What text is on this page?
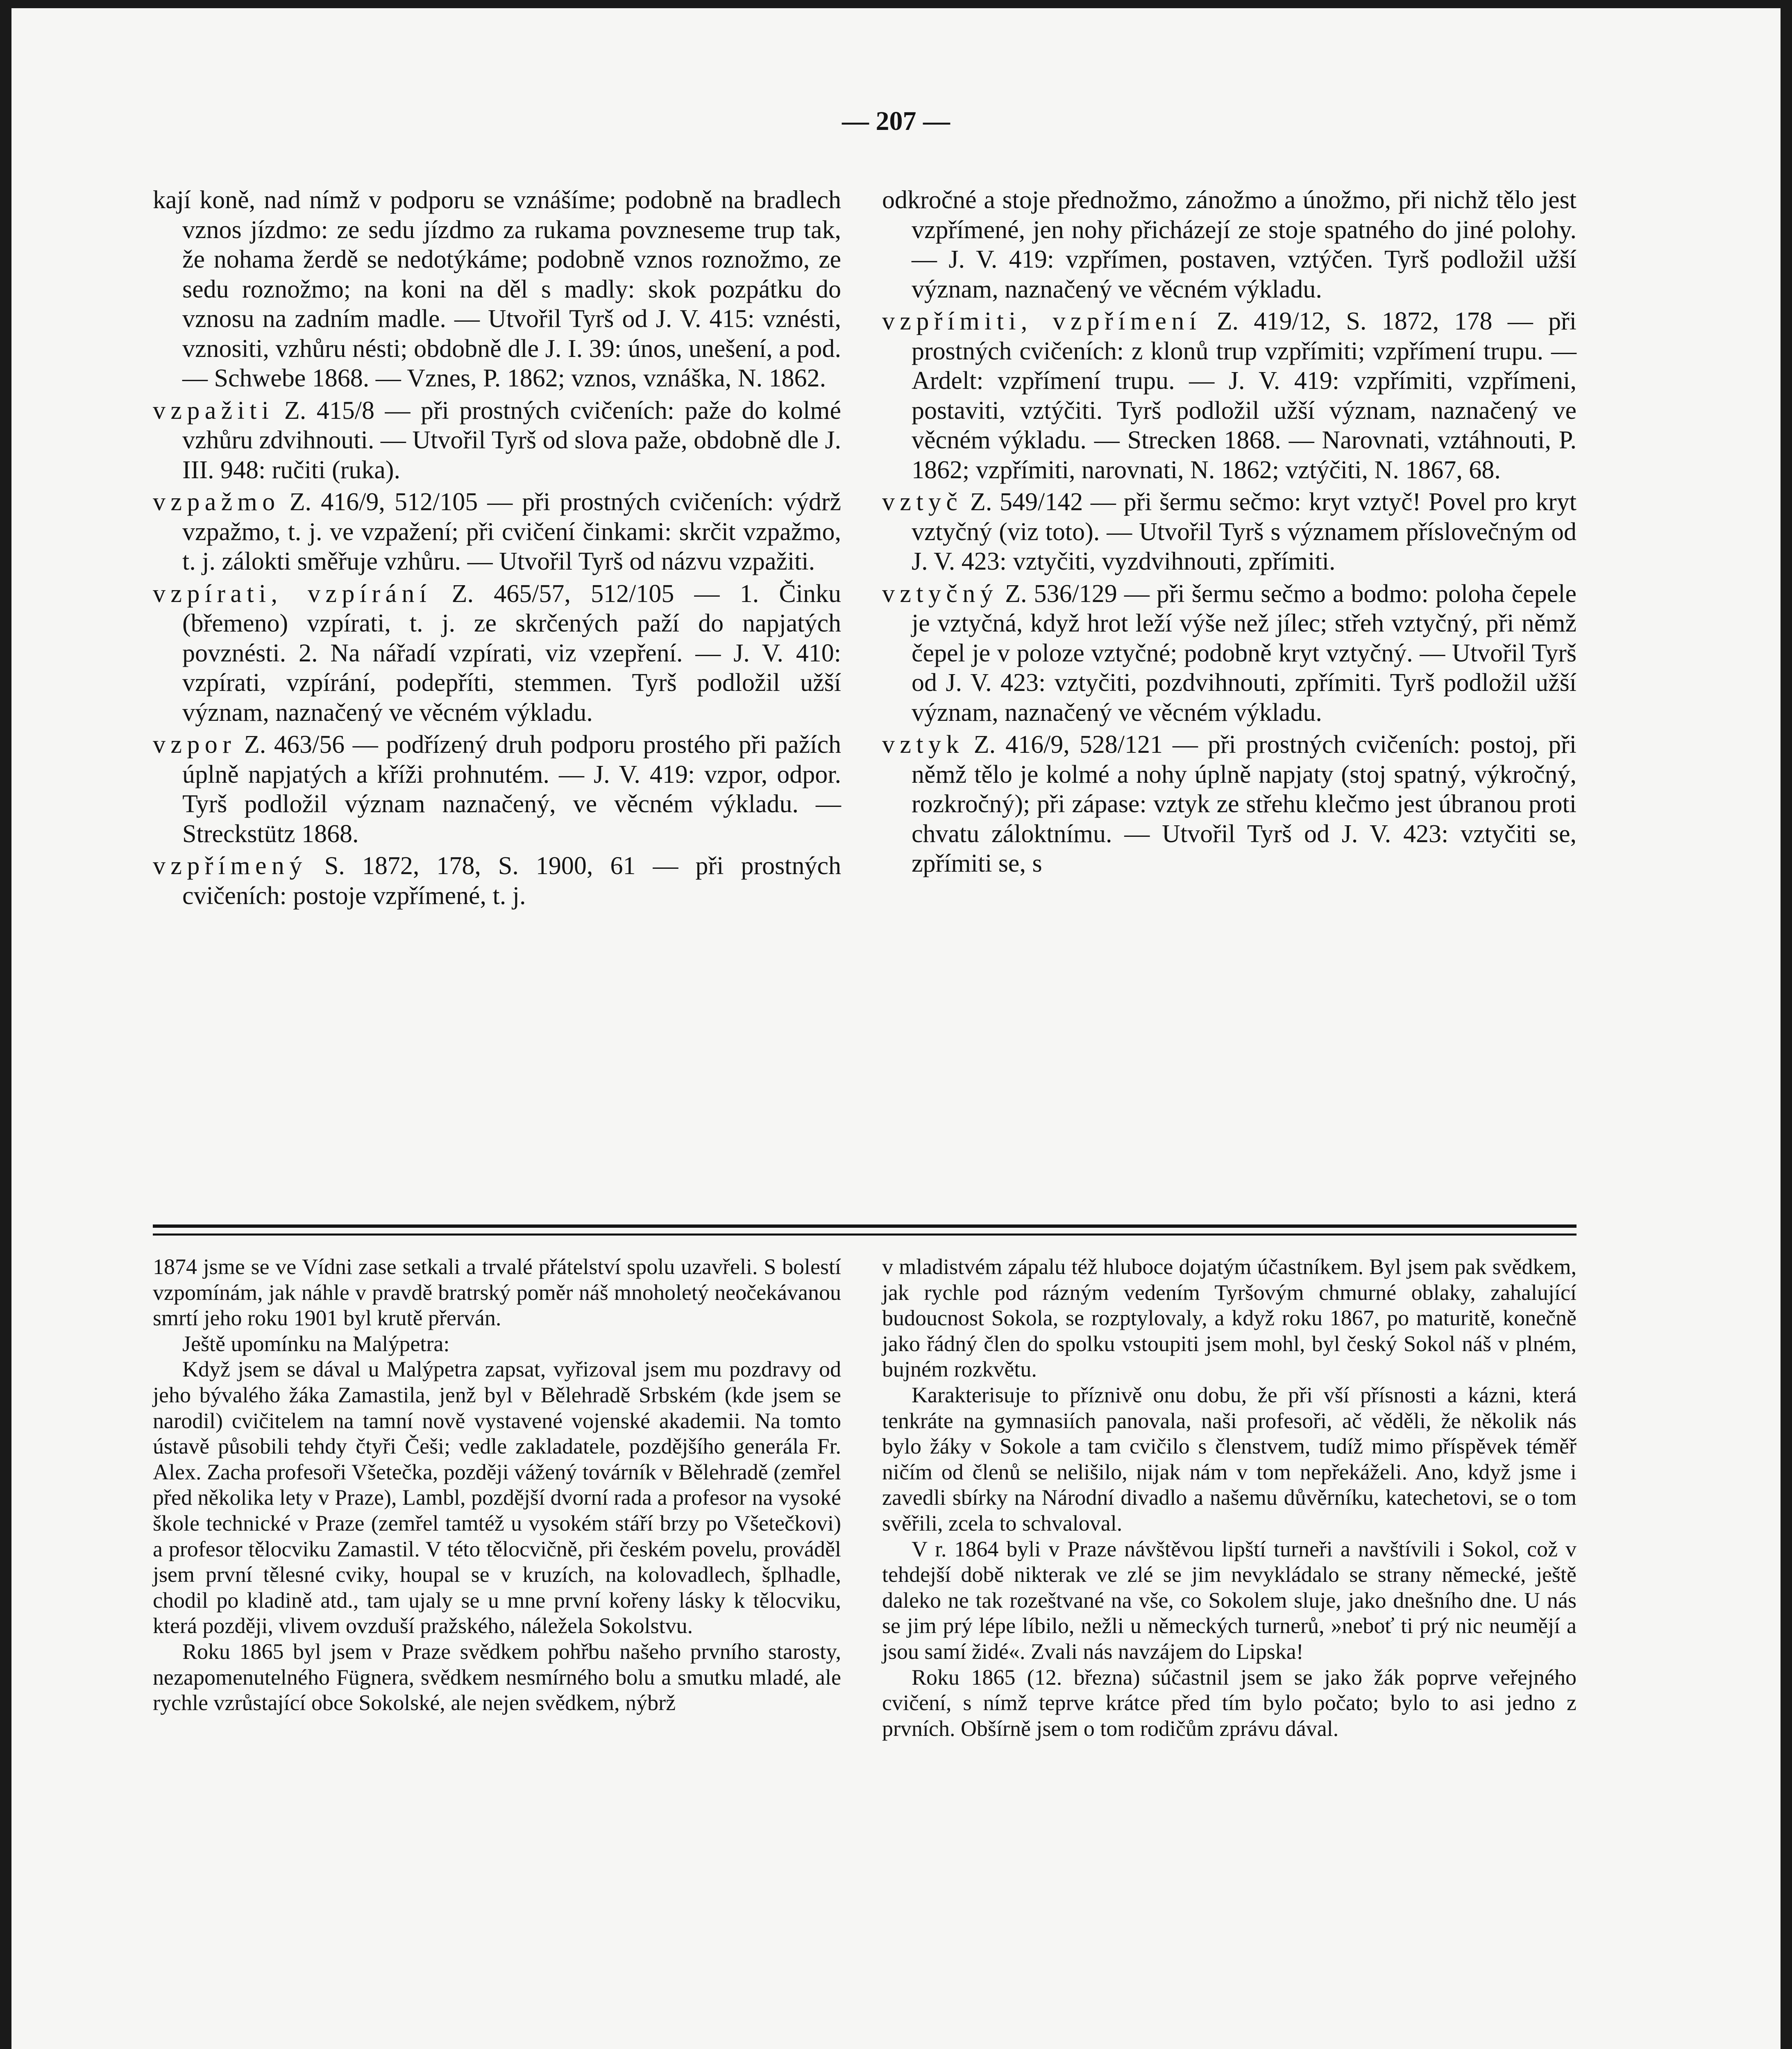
— 207 —

kají koně, nad nímž v podporu se vznášíme; podobně na bradlech vznos jízdmo: ze sedu jízdmo za rukama povzneseme trup tak, že nohama žerdě se nedotýkáme; podobně vznos roznožmo, ze sedu roznožmo; na koni na děl s madly: skok pozpátku do vznosu na zadním madle. — Utvořil Tyrš od J. V. 415: vznésti, vznositi, vzhůru nésti; obdobně dle J. I. 39: únos, unešení, a pod. — Schwebe 1868. — Vznes, P. 1862; vznos, vznáška, N. 1862.

vzpažiti Z. 415/8 — při prostných cvičeních: paže do kolmé vzhůru zdvihnouti. — Utvořil Tyrš od slova paže, obdobně dle J. III. 948: ručiti (ruka).

vzpažmo Z. 416/9, 512/105 — při prostných cvičeních: výdrž vzpažmo, t. j. ve vzpažení; při cvičení činkami: skrčit vzpažmo, t. j. zálokti směřuje vzhůru. — Utvořil Tyrš od názvu vzpažiti.

vzpírati, vzpírání Z. 465/57, 512/105 — 1. Činku (břemeno) vzpírati, t. j. ze skrčených paží do napjatých povznésti. 2. Na nářadí vzpírati, viz vzepření. — J. V. 410: vzpírati, vzpírání, podepříti, stemmen. Tyrš podložil užší význam, naznačený ve věcném výkladu.

vzpor Z. 463/56 — podřízený druh podporu prostého při pažích úplně napjatých a kříži prohnutém. — J. V. 419: vzpor, odpor. Tyrš podložil význam naznačený, ve věcném výkladu. — Streckstütz 1868.

vzpřímený S. 1872, 178, S. 1900, 61 — při prostných cvičeních: postoje vzpřímené, t. j.

odkročné a stoje přednožmo, zánožmo a únožmo, při nichž tělo jest vzpřímené, jen nohy přicházejí ze stoje spatného do jiné polohy. — J. V. 419: vzpřímen, postaven, vztýčen. Tyrš podložil užší význam, naznačený ve věcném výkladu.

vzpřímiti, vzpřímení Z. 419/12, S. 1872, 178 — při prostných cvičeních: z klonů trup vzpřímiti; vzpřímení trupu. — Ardelt: vzpřímení trupu. — J. V. 419: vzpřímiti, vzpřímeni, postaviti, vztýčiti. Tyrš podložil užší význam, naznačený ve věcném výkladu. — Strecken 1868. — Narovnati, vztáhnouti, P. 1862; vzpřímiti, narovnati, N. 1862; vztýčiti, N. 1867, 68.

vztyč Z. 549/142 — při šermu sečmo: kryt vztyč! Povel pro kryt vztyčný (viz toto). — Utvořil Tyrš s významem příslovečným od J. V. 423: vztyčiti, vyzdvihnouti, zpřímiti.

vztyčný Z. 536/129 — při šermu sečmo a bodmo: poloha čepele je vztyčná, když hrot leží výše než jílec; střeh vztyčný, při němž čepel je v poloze vztyčné; podobně kryt vztyčný. — Utvořil Tyrš od J. V. 423: vztyčiti, pozdvihnouti, zpřímiti. Tyrš podložil užší význam, naznačený ve věcném výkladu.

vztyk Z. 416/9, 528/121 — při prostných cvičeních: postoj, při němž tělo je kolmé a nohy úplně napjaty (stoj spatný, výkročný, rozkročný); při zápase: vztyk ze střehu klečmo jest úbranou proti chvatu záloktnímu. — Utvořil Tyrš od J. V. 423: vztyčiti se, zpřímiti se, s

1874 jsme se ve Vídni zase setkali a trvalé přátelství spolu uzavřeli. S bolestí vzpomínám, jak náhle v pravdě bratrský poměr náš mnoholetý neočekávanou smrtí jeho roku 1901 byl krutě přerván.

Ještě upomínku na Malýpetra:

Když jsem se dával u Malýpetra zapsat, vyřizoval jsem mu pozdravy od jeho bývalého žáka Zamastila, jenž byl v Bělehradě Srbském (kde jsem se narodil) cvičitelem na tamní nově vystavené vojenské akademii. Na tomto ústavě působili tehdy čtyři Češi; vedle zakladatele, pozdějšího generála Fr. Alex. Zacha profesoři Všetečka, později vážený továrník v Bělehradě (zemřel před několika lety v Praze), Lambl, pozdější dvorní rada a profesor na vysoké škole technické v Praze (zemřel tamtéž u vysokém stáří brzy po Všetečkovi) a profesor tělocviku Zamastil. V této tělocvičně, při českém povelu, prováděl jsem první tělesné cviky, houpal se v kruzích, na kolovadlech, šplhadle, chodil po kladině atd., tam ujaly se u mne první kořeny lásky k tělocviku, která později, vlivem ovzduší pražského, náležela Sokolstvu.

Roku 1865 byl jsem v Praze svědkem pohřbu našeho prvního starosty, nezapomenutelného Fügnera, svědkem nesmírného bolu a smutku mladé, ale rychle vzrůstající obce Sokolské, ale nejen svědkem, nýbrž

v mladistvém zápalu též hluboce dojatým účastníkem. Byl jsem pak svědkem, jak rychle pod rázným vedením Tyršovým chmurné oblaky, zahalující budoucnost Sokola, se rozptylovaly, a když roku 1867, po maturitě, konečně jako řádný člen do spolku vstoupiti jsem mohl, byl český Sokol náš v plném, bujném rozkvětu.

Karakterisuje to příznivě onu dobu, že při vší přísnosti a kázni, která tenkráte na gymnasiích panovala, naši profesoři, ač věděli, že několik nás bylo žáky v Sokole a tam cvičilo s členstvem, tudíž mimo příspěvek téměř ničím od členů se nelišilo, nijak nám v tom nepřekáželi. Ano, když jsme i zavedli sbírky na Národní divadlo a našemu důvěrníku, katechetovi, se o tom svěřili, zcela to schvaloval.

V r. 1864 byli v Praze návštěvou lipští turneři a navštívili i Sokol, což v tehdejší době nikterak ve zlé se jim nevykládalo se strany německé, ještě daleko ne tak rozeštvané na vše, co Sokolem sluje, jako dnešního dne. U nás se jim prý lépe líbilo, nežli u německých turnerů, »neboť ti prý nic neumějí a jsou samí židé«. Zvali nás navzájem do Lipska!

Roku 1865 (12. března) súčastnil jsem se jako žák poprve veřejného cvičení, s nímž teprve krátce před tím bylo počato; bylo to asi jedno z prvních. Obšírně jsem o tom rodičům zprávu dával.
